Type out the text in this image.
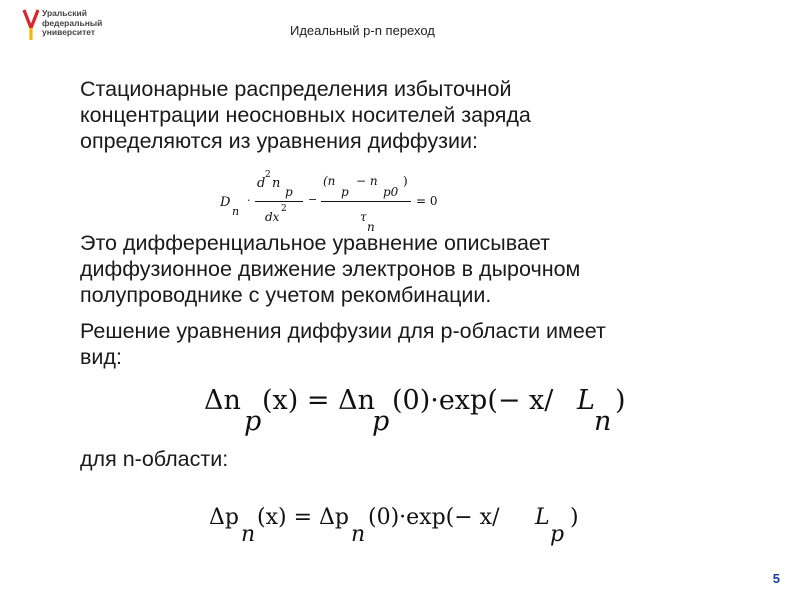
Уральский
федеральный
университет	Идеальный p-n переход

Стационарные распределения избыточной
концентрации неосновных носителей заряда
определяются из уравнения диффузии:

D
n
·
d
2
n
p
dx
2
−
(n
p
− n
p0
)
τ
n
= 0

Это дифференциальное уравнение описывает
диффузионное движение электронов в дырочном
полупроводнике с учетом рекомбинации.

Решение уравнения диффузии для p-области имеет
вид:

Δn
p
(x) = Δn
p
(0)·exp(− x/ L
n
)

для n-области:

Δp
n
(x) = Δp
n
(0)·exp(− x/ L
p
)
5
